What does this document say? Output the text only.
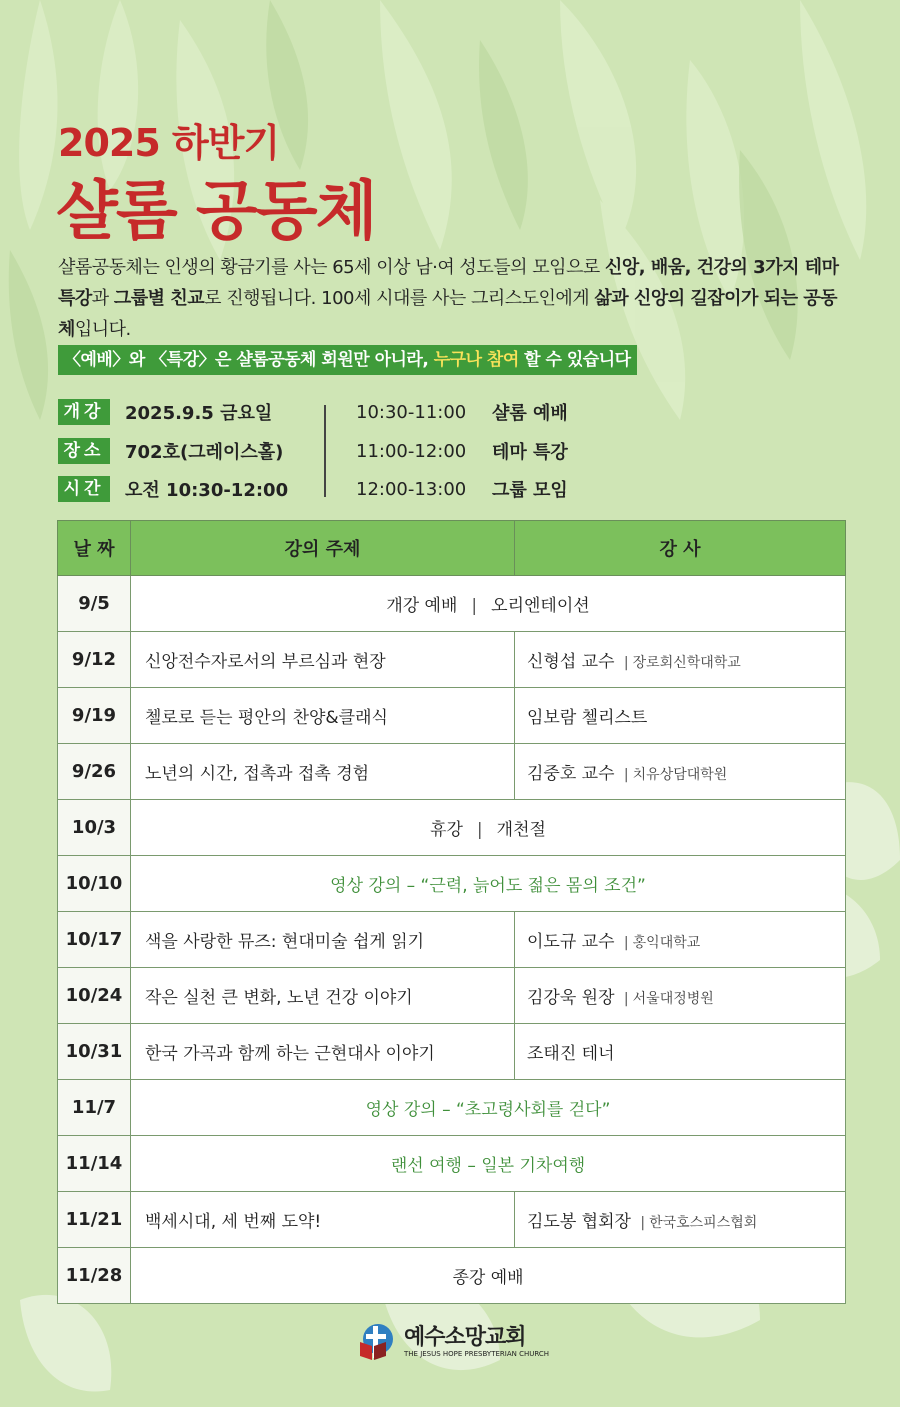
2025 하반기
샬롬 공동체
샬롬공동체는 인생의 황금기를 사는 65세 이상 남·여 성도들의 모임으로 신앙, 배움, 건강의 3가지 테마 특강과 그룹별 친교로 진행됩니다. 100세 시대를 사는 그리스도인에게 삶과 신앙의 길잡이가 되는 공동체입니다.
〈예배〉와 〈특강〉은 샬롬공동체 회원만 아니라, 누구나 참여 할 수 있습니다
개강	2025.9.5 금요일
장소	702호(그레이스홀)
시간	오전 10:30-12:00
10:30-11:00	샬롬 예배
11:00-12:00	테마 특강
12:00-13:00	그룹 모임
날 짜	강의 주제	강 사
9/5	개강 예배 | 오리엔테이션	
9/12	신앙전수자로서의 부르심과 현장	신형섭 교수 | 장로회신학대학교
9/19	첼로로 듣는 평안의 찬양&클래식	임보람 첼리스트
9/26	노년의 시간, 접촉과 접촉 경험	김중호 교수 | 치유상담대학원
10/3	휴강 | 개천절	
10/10	영상 강의 – “근력, 늙어도 젊은 몸의 조건”	
10/17	색을 사랑한 뮤즈: 현대미술 쉽게 읽기	이도규 교수 | 홍익대학교
10/24	작은 실천 큰 변화, 노년 건강 이야기	김강욱 원장 | 서울대정병원
10/31	한국 가곡과 함께 하는 근현대사 이야기	조태진 테너
11/7	영상 강의 – “초고령사회를 걷다”	
11/14	랜선 여행 – 일본 기차여행	
11/21	백세시대, 세 번째 도약!	김도봉 협회장 | 한국호스피스협회
11/28	종강 예배	
예수소망교회
THE JESUS HOPE PRESBYTERIAN CHURCH
